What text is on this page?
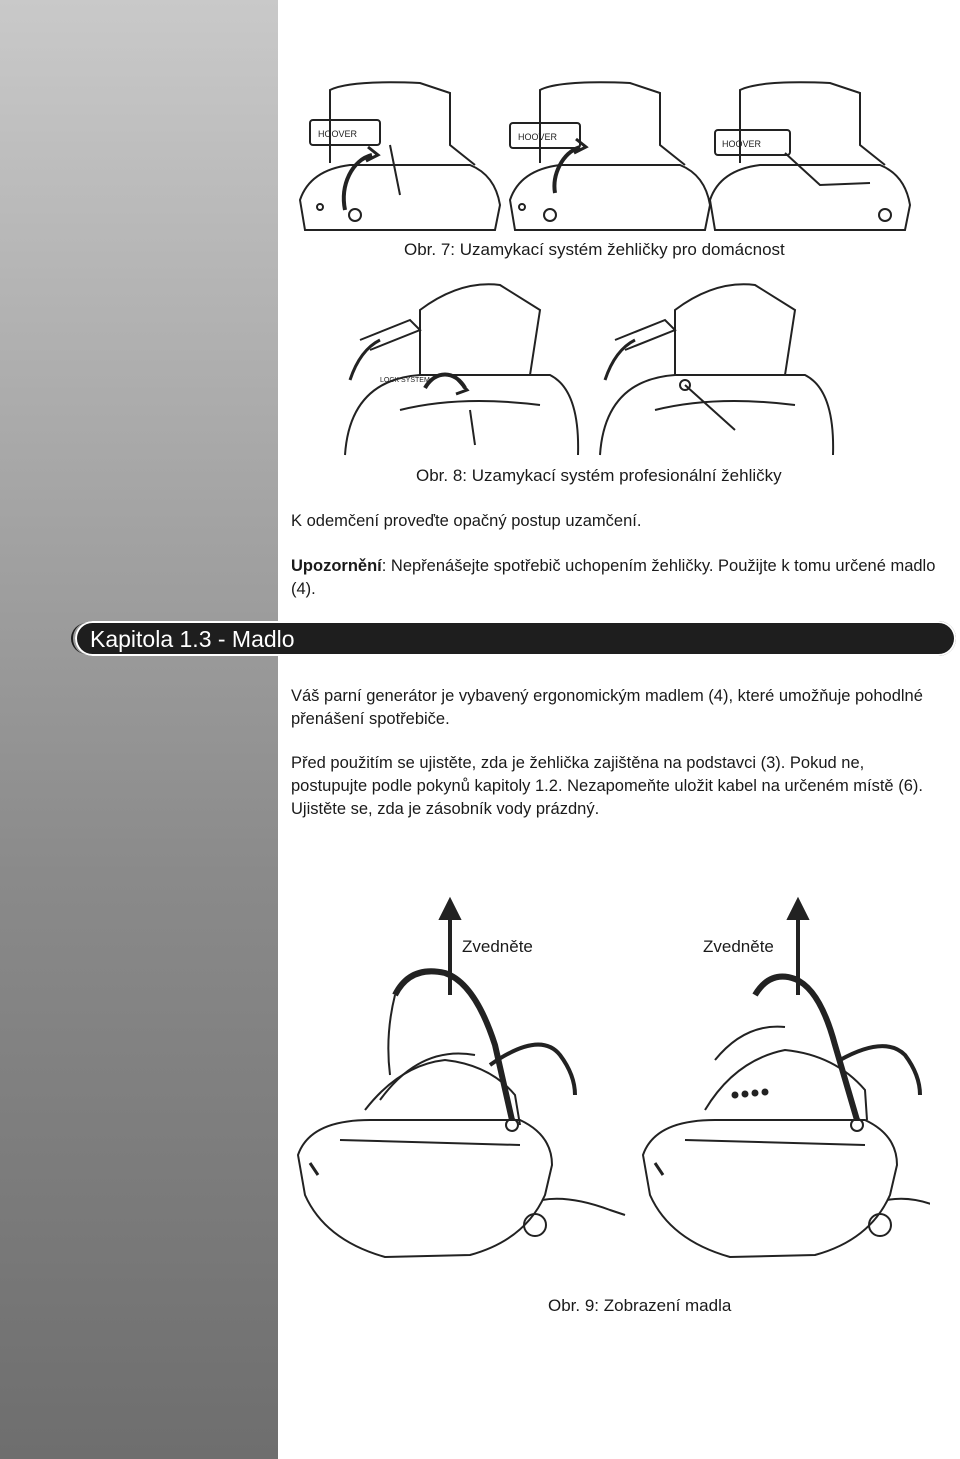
HOOVER	HOOVER
HOOVER
Obr. 7: Uzamykací systém žehličky pro domácnost
LOCK SYSTEM
Obr. 8: Uzamykací systém profesionální žehličky

K odemčení proveďte opačný postup uzamčení.

Upozornění: Nepřenášejte spotřebič uchopením žehličky. Použijte k tomu určené madlo (4).

Kapitola 1.3 - Madlo

Váš parní generátor je vybavený ergonomickým madlem (4), které umožňuje pohodlné přenášení spotřebiče.

Před použitím se ujistěte, zda je žehlička zajištěna na podstavci (3). Pokud ne, postupujte podle pokynů kapitoly 1.2. Nezapomeňte uložit kabel na určeném místě (6). Ujistěte se, zda je zásobník vody prázdný.

Zvedněte	Zvedněte
Obr. 9: Zobrazení madla
